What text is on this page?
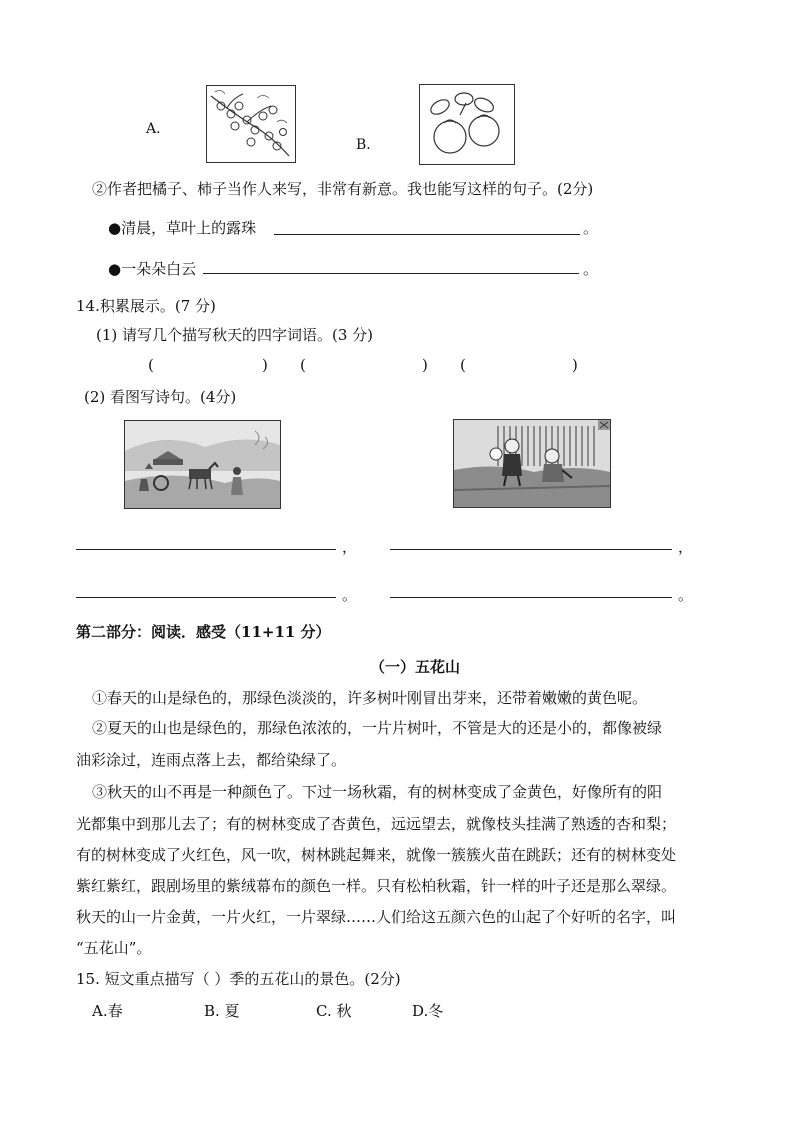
A.
B.
②作者把橘子、柿子当作人来写，非常有新意。我也能写这样的句子。(2分)
●清晨，草叶上的露珠	。
●一朵朵白云	。
14.积累展示。(7 分)
(1) 请写几个描写秋天的四字词语。(3 分)
(	) (	) (	)
(2) 看图写诗句。(4分)
，	，
。	。
第二部分：阅读．感受（11+11 分）
（一）五花山
①春天的山是绿色的，那绿色淡淡的，许多树叶刚冒出芽来，还带着嫩嫩的黄色呢。
②夏天的山也是绿色的，那绿色浓浓的，一片片树叶，不管是大的还是小的，都像被绿
油彩涂过，连雨点落上去，都给染绿了。
③秋天的山不再是一种颜色了。下过一场秋霜，有的树林变成了金黄色，好像所有的阳
光都集中到那儿去了；有的树林变成了杏黄色，远远望去，就像枝头挂满了熟透的杏和梨；
有的树林变成了火红色，风一吹，树林跳起舞来，就像一簇簇火苗在跳跃；还有的树林变处
紫红紫红，跟剧场里的紫绒幕布的颜色一样。只有松柏秋霜，针一样的叶子还是那么翠绿。
秋天的山一片金黄，一片火红，一片翠绿……人们给这五颜六色的山起了个好听的名字，叫
“五花山”。
15. 短文重点描写（ ）季的五花山的景色。(2分)
A.春	B. 夏	C. 秋	D.冬
